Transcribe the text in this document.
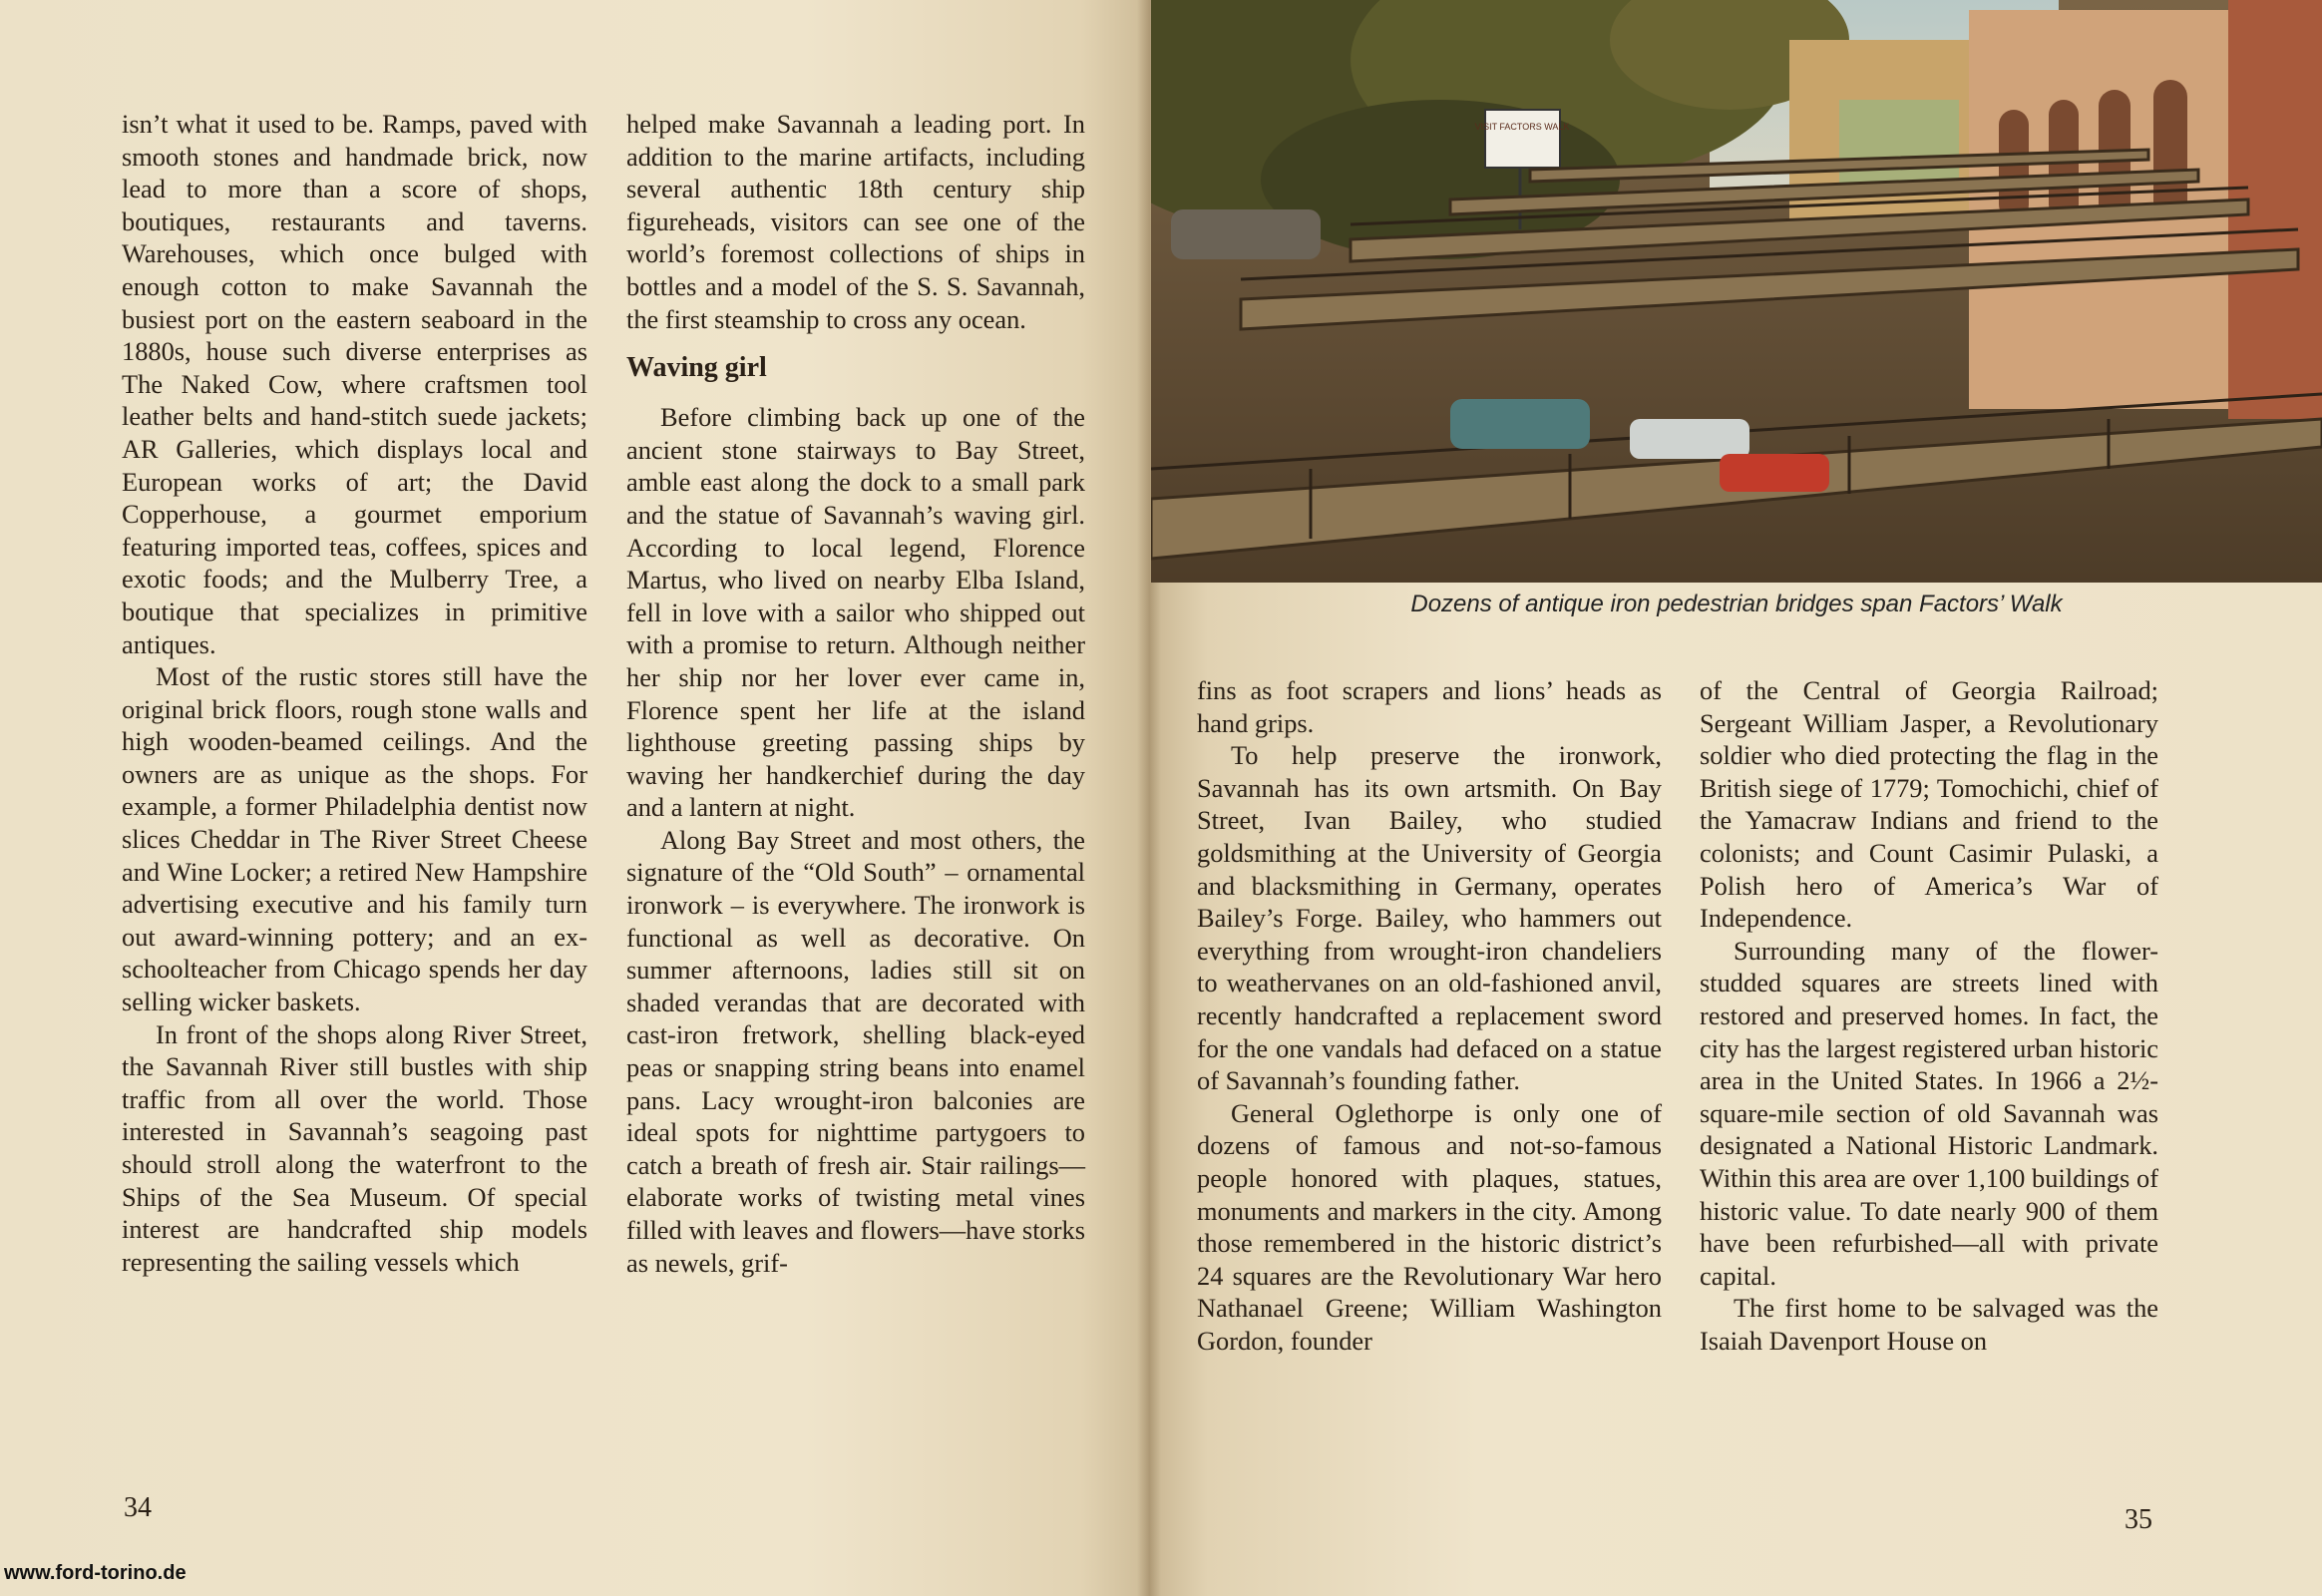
isn’t what it used to be. Ramps, paved with smooth stones and handmade brick, now lead to more than a score of shops, boutiques, restaurants and taverns. Warehouses, which once bulged with enough cotton to make Savannah the busiest port on the eastern seaboard in the 1880s, house such diverse enterprises as The Naked Cow, where craftsmen tool leather belts and hand-stitch suede jackets; AR Galleries, which displays local and European works of art; the David Copperhouse, a gourmet emporium featuring imported teas, coffees, spices and exotic foods; and the Mulberry Tree, a boutique that specializes in primitive antiques.

Most of the rustic stores still have the original brick floors, rough stone walls and high wooden-beamed ceilings. And the owners are as unique as the shops. For example, a former Philadelphia dentist now slices Cheddar in The River Street Cheese and Wine Locker; a retired New Hampshire advertising executive and his family turn out award-winning pottery; and an ex-schoolteacher from Chicago spends her day selling wicker baskets.

In front of the shops along River Street, the Savannah River still bustles with ship traffic from all over the world. Those interested in Savannah’s seagoing past should stroll along the waterfront to the Ships of the Sea Museum. Of special interest are handcrafted ship models representing the sailing vessels which

helped make Savannah a leading port. In addition to the marine artifacts, including several authentic 18th century ship figureheads, visitors can see one of the world’s foremost collections of ships in bottles and a model of the S. S. Savannah, the first steamship to cross any ocean.

Waving girl

Before climbing back up one of the ancient stone stairways to Bay Street, amble east along the dock to a small park and the statue of Savannah’s waving girl. According to local legend, Florence Martus, who lived on nearby Elba Island, fell in love with a sailor who shipped out with a promise to return. Although neither her ship nor her lover ever came in, Florence spent her life at the island lighthouse greeting passing ships by waving her handkerchief during the day and a lantern at night.

Along Bay Street and most others, the signature of the “Old South” – ornamental ironwork – is everywhere. The ironwork is functional as well as decorative. On summer afternoons, ladies still sit on shaded verandas that are decorated with cast-iron fretwork, shelling black-eyed peas or snapping string beans into enamel pans. Lacy wrought-iron balconies are ideal spots for nighttime partygoers to catch a breath of fresh air. Stair railings—elaborate works of twisting metal vines filled with leaves and flowers—have storks as newels, grif-

34	35
VISIT FACTORS WALK
Dozens of antique iron pedestrian bridges span Factors’ Walk

fins as foot scrapers and lions’ heads as hand grips.

To help preserve the ironwork, Savannah has its own artsmith. On Bay Street, Ivan Bailey, who studied goldsmithing at the University of Georgia and blacksmithing in Germany, operates Bailey’s Forge. Bailey, who hammers out everything from wrought-iron chandeliers to weathervanes on an old-fashioned anvil, recently handcrafted a replacement sword for the one vandals had defaced on a statue of Savannah’s founding father.

General Oglethorpe is only one of dozens of famous and not-so-famous people honored with plaques, statues, monuments and markers in the city. Among those remembered in the historic district’s 24 squares are the Revolutionary War hero Nathanael Greene; William Washington Gordon, founder

of the Central of Georgia Railroad; Sergeant William Jasper, a Revolutionary soldier who died protecting the flag in the British siege of 1779; Tomochichi, chief of the Yamacraw Indians and friend to the colonists; and Count Casimir Pulaski, a Polish hero of America’s War of Independence.

Surrounding many of the flower-studded squares are streets lined with restored and preserved homes. In fact, the city has the largest registered urban historic area in the United States. In 1966 a 2½-square-mile section of old Savannah was designated a National Historic Landmark. Within this area are over 1,100 buildings of historic value. To date nearly 900 of them have been refurbished—all with private capital.

The first home to be salvaged was the Isaiah Davenport House on

www.ford-torino.de
